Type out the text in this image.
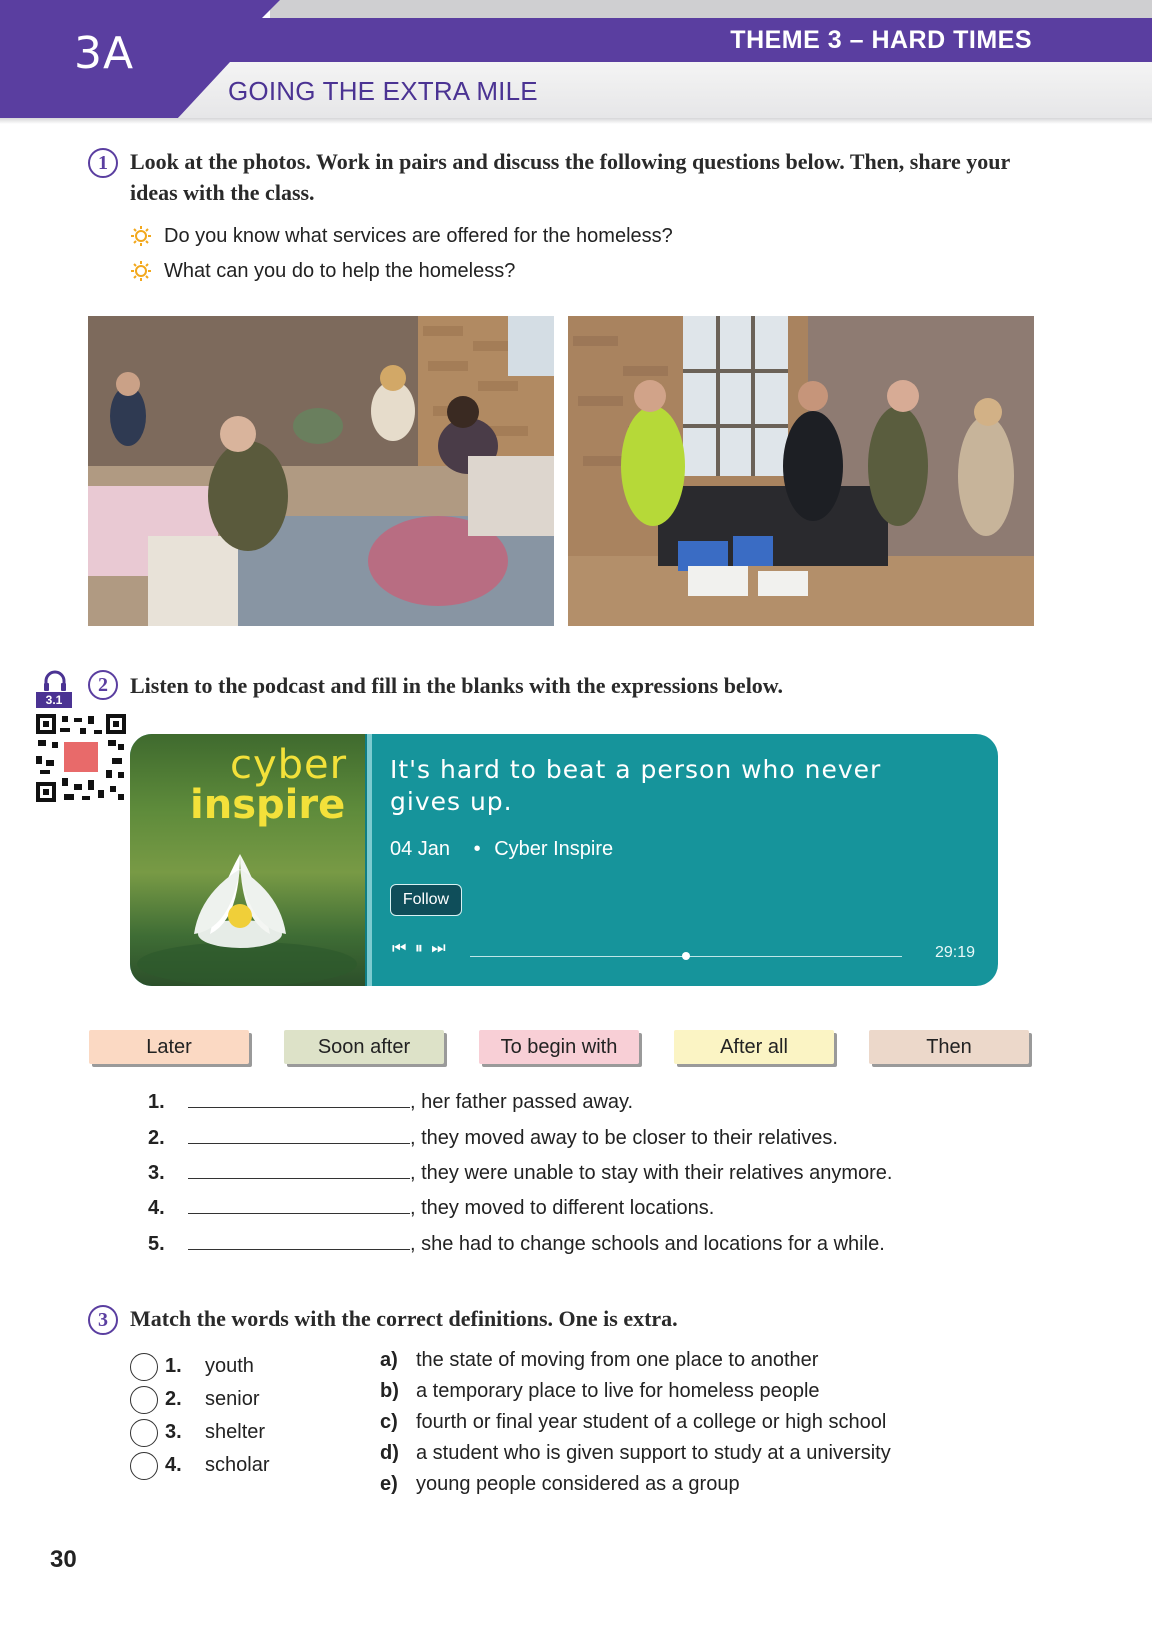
3A	THEME 3 – HARD TIMES
GOING THE EXTRA MILE
1	Look at the photos. Work in pairs and discuss the following questions below. Then, share your ideas with the class.
Do you know what services are offered for the homeless?
What can you do to help the homeless?
3.1
2	Listen to the podcast and fill in the blanks with the expressions below.
cyber
inspire
It's hard to beat a person who never gives up.
04 Jan • Cyber Inspire
Follow
⏮ ⏸ ⏭	29:19
Later	Soon after	To begin with	After all	Then
1.	, her father passed away.
2.	, they moved away to be closer to their relatives.
3.	, they were unable to stay with their relatives anymore.
4.	, they moved to different locations.
5.	, she had to change schools and locations for a while.
3	Match the words with the correct definitions. One is extra.
1. youth
2. senior
3. shelter
4. scholar
a) the state of moving from one place to another
b) a temporary place to live for homeless people
c) fourth or final year student of a college or high school
d) a student who is given support to study at a university
e) young people considered as a group
30
